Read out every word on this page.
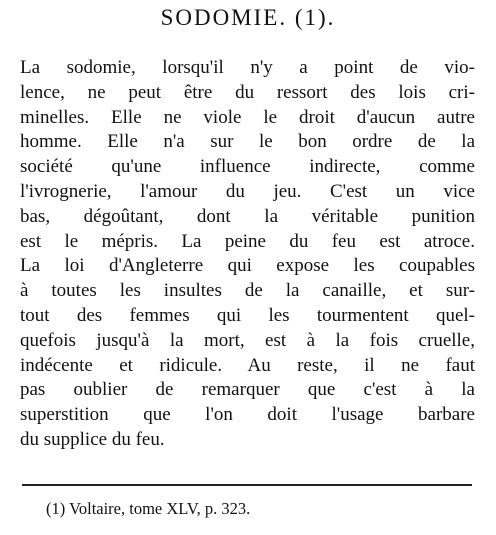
SODOMIE. (1).
La sodomie, lorsqu'il n'y a point de vio-
lence, ne peut être du ressort des lois cri-
minelles. Elle ne viole le droit d'aucun autre
homme. Elle n'a sur le bon ordre de la
société qu'une influence indirecte, comme
l'ivrognerie, l'amour du jeu. C'est un vice
bas, dégoûtant, dont la véritable punition
est le mépris. La peine du feu est atroce.
La loi d'Angleterre qui expose les coupables
à toutes les insultes de la canaille, et sur-
tout des femmes qui les tourmentent quel-
quefois jusqu'à la mort, est à la fois cruelle,
indécente et ridicule. Au reste, il ne faut
pas oublier de remarquer que c'est à la
superstition que l'on doit l'usage barbare
du supplice du feu.
(1) Voltaire, tome XLV, p. 323.
